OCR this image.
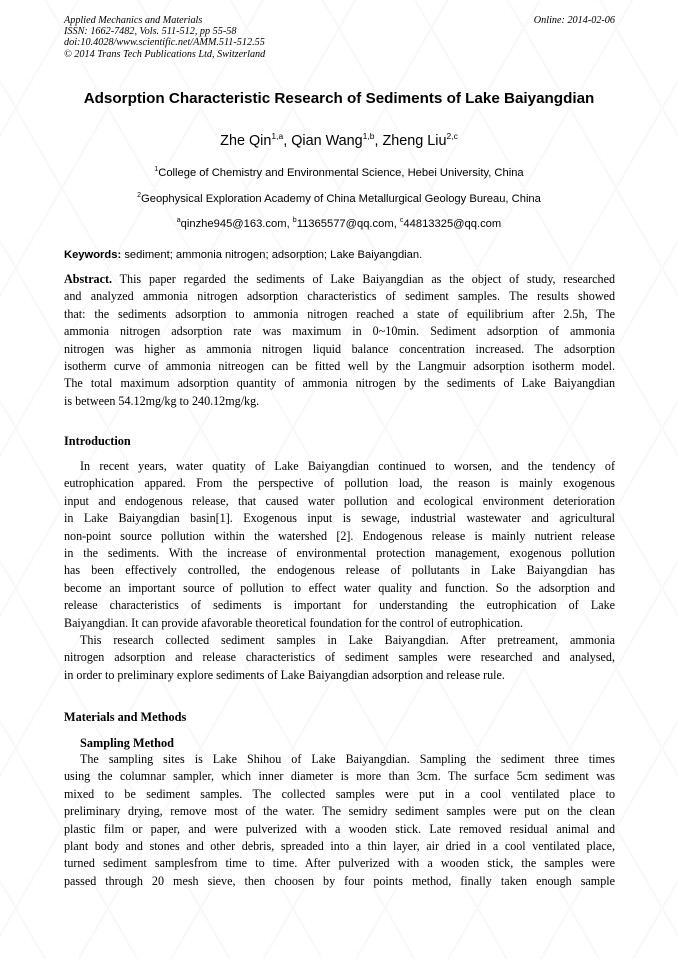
Applied Mechanics and Materials
ISSN: 1662-7482, Vols. 511-512, pp 55-58
doi:10.4028/www.scientific.net/AMM.511-512.55
© 2014 Trans Tech Publications Ltd, Switzerland
Online: 2014-02-06
Adsorption Characteristic Research of Sediments of Lake Baiyangdian
Zhe Qin$^{1,a}$, Qian Wang$^{1,b}$, Zheng Liu$^{2,c}$
$^1$College of Chemistry and Environmental Science, Hebei University, China
$^2$Geophysical Exploration Academy of China Metallurgical Geology Bureau, China
$^a$qinzhe945@163.com, $^b$11365577@qq.com, $^c$44813325@qq.com
Keywords: sediment; ammonia nitrogen; adsorption; Lake Baiyangdian.
Abstract. This paper regarded the sediments of Lake Baiyangdian as the object of study, researched
and analyzed ammonia nitrogen adsorption characteristics of sediment samples. The results showed
that: the sediments adsorption to ammonia nitrogen reached a state of equilibrium after 2.5h, The
ammonia nitrogen adsorption rate was maximum in 0~10min. Sediment adsorption of ammonia
nitrogen was higher as ammonia nitrogen liquid balance concentration increased. The adsorption
isotherm curve of ammonia nitreogen can be fitted well by the Langmuir adsorption isotherm model.
The total maximum adsorption quantity of ammonia nitrogen by the sediments of Lake Baiyangdian
is between 54.12mg/kg to 240.12mg/kg.
Introduction
In recent years, water quatity of Lake Baiyangdian continued to worsen, and the tendency of
eutrophication appared. From the perspective of pollution load, the reason is mainly exogenous
input and endogenous release, that caused water pollution and ecological environment deterioration
in Lake Baiyangdian basin[1]. Exogenous input is sewage, industrial wastewater and agricultural
non-point source pollution within the watershed [2]. Endogenous release is mainly nutrient release
in the sediments. With the increase of environmental protection management, exogenous pollution
has been effectively controlled, the endogenous release of pollutants in Lake Baiyangdian has
become an important source of pollution to effect water quality and function. So the adsorption and
release characteristics of sediments is important for understanding the eutrophication of Lake
Baiyangdian. It can provide afavorable theoretical foundation for the control of eutrophication.
This research collected sediment samples in Lake Baiyangdian. After pretreament, ammonia
nitrogen adsorption and release characteristics of sediment samples were researched and analysed,
in order to preliminary explore sediments of Lake Baiyangdian adsorption and release rule.
Materials and Methods
Sampling Method
The sampling sites is Lake Shihou of Lake Baiyangdian. Sampling the sediment three times
using the columnar sampler, which inner diameter is more than 3cm. The surface 5cm sediment was
mixed to be sediment samples. The collected samples were put in a cool ventilated place to
preliminary drying, remove most of the water. The semidry sediment samples were put on the clean
plastic film or paper, and were pulverized with a wooden stick. Late removed residual animal and
plant body and stones and other debris, spreaded into a thin layer, air dried in a cool ventilated place,
turned sediment samplesfrom time to time. After pulverized with a wooden stick, the samples were
passed through 20 mesh sieve, then choosen by four points method, finally taken enough sample
